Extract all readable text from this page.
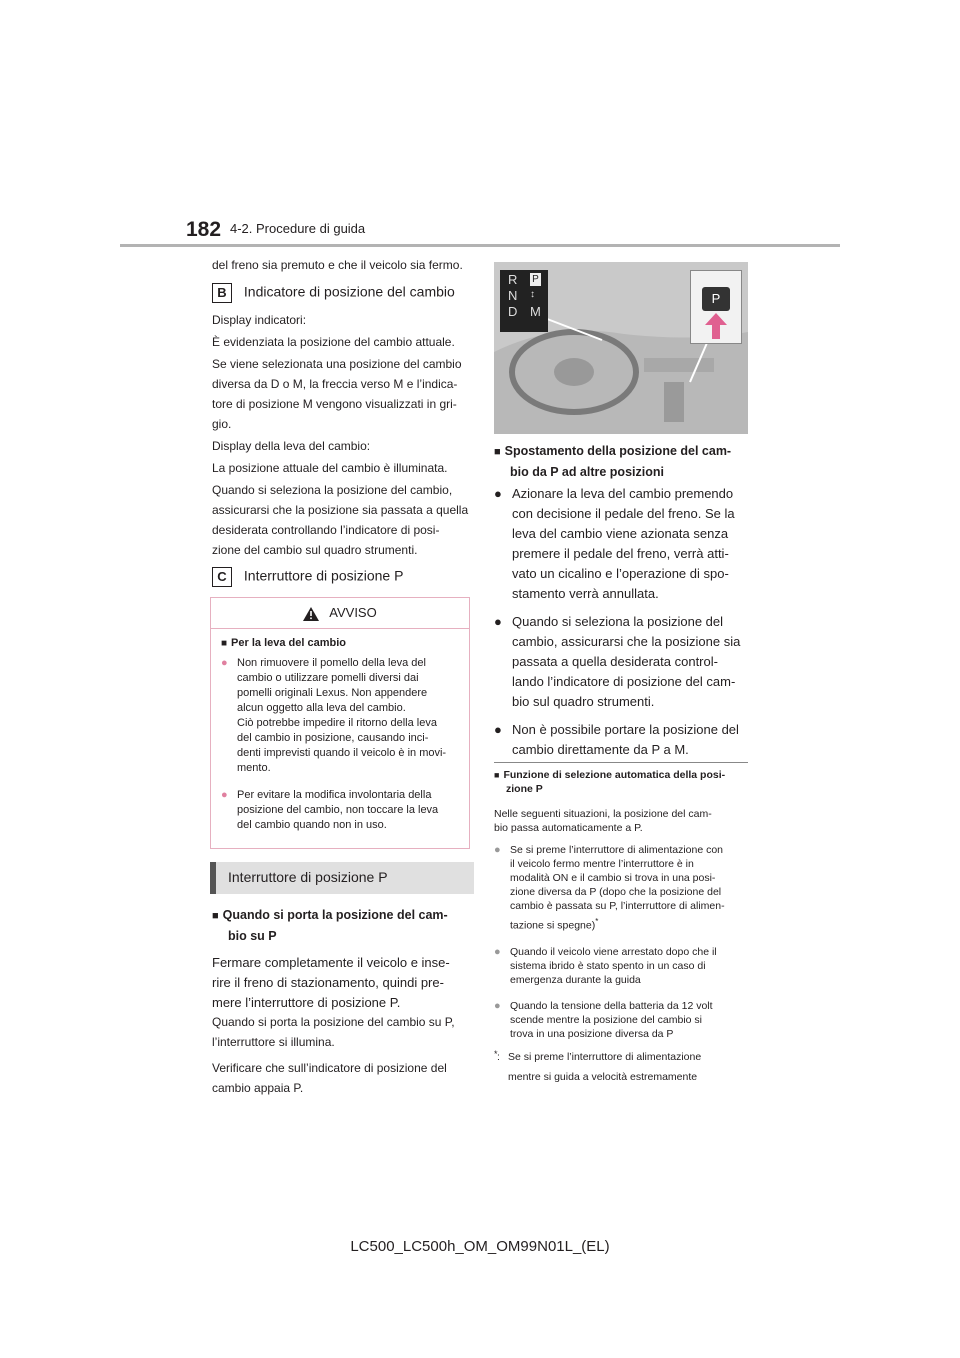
182 4-2. Procedure di guida
del freno sia premuto e che il veicolo sia fermo.
B Indicatore di posizione del cambio
Display indicatori:
È evidenziata la posizione del cambio attuale.
Se viene selezionata una posizione del cambio
diversa da D o M, la freccia verso M e l’indica-
tore di posizione M vengono visualizzati in gri-
gio.
Display della leva del cambio:
La posizione attuale del cambio è illuminata.
Quando si seleziona la posizione del cambio,
assicurarsi che la posizione sia passata a quella
desiderata controllando l’indicatore di posi-
zione del cambio sul quadro strumenti.
C Interruttore di posizione P
AVVISO
■ Per la leva del cambio
● Non rimuovere il pomello della leva del
cambio o utilizzare pomelli diversi dai
pomelli originali Lexus. Non appendere
alcun oggetto alla leva del cambio.
Ciò potrebbe impedire il ritorno della leva
del cambio in posizione, causando inci-
denti imprevisti quando il veicolo è in movi-
mento.
● Per evitare la modifica involontaria della
posizione del cambio, non toccare la leva
del cambio quando non in uso.
Interruttore di posizione P
■ Quando si porta la posizione del cam-
bio su P
Fermare completamente il veicolo e inse-
rire il freno di stazionamento, quindi pre-
mere l’interruttore di posizione P.
Quando si porta la posizione del cambio su P,
l’interruttore si illumina.
Verificare che sull’indicatore di posizione del
cambio appaia P.
R
N
D
P
M
↕	P
■ Spostamento della posizione del cam-
bio da P ad altre posizioni
● Azionare la leva del cambio premendo
con decisione il pedale del freno. Se la
leva del cambio viene azionata senza
premere il pedale del freno, verrà atti-
vato un cicalino e l’operazione di spo-
stamento verrà annullata.
● Quando si seleziona la posizione del
cambio, assicurarsi che la posizione sia
passata a quella desiderata control-
lando l’indicatore di posizione del cam-
bio sul quadro strumenti.
● Non è possibile portare la posizione del
cambio direttamente da P a M.
■ Funzione di selezione automatica della posi-
zione P
Nelle seguenti situazioni, la posizione del cam-
bio passa automaticamente a P.
● Se si preme l’interruttore di alimentazione con
il veicolo fermo mentre l’interruttore è in
modalità ON e il cambio si trova in una posi-
zione diversa da P (dopo che la posizione del
cambio è passata su P, l’interruttore di alimen-
tazione si spegne)*
● Quando il veicolo viene arrestato dopo che il
sistema ibrido è stato spento in un caso di
emergenza durante la guida
● Quando la tensione della batteria da 12 volt
scende mentre la posizione del cambio si
trova in una posizione diversa da P
* : Se si preme l’interruttore di alimentazione
mentre si guida a velocità estremamente
LC500_LC500h_OM_OM99N01L_(EL)
